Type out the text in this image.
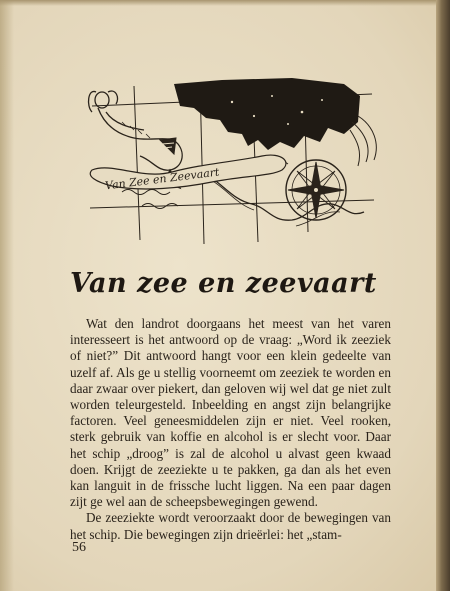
Van Zee en Zeevaart
Van zee en zeevaart

Wat den landrot doorgaans het meest van het varen interesseert is het antwoord op de vraag: „Word ik zeeziek of niet?” Dit antwoord hangt voor een klein gedeelte van uzelf af. Als ge u stellig voorneemt om zeeziek te worden en daar zwaar over piekert, dan geloven wij wel dat ge niet zult worden teleurgesteld. Inbeelding en angst zijn belangrijke factoren. Veel geneesmiddelen zijn er niet. Veel rooken, sterk gebruik van koffie en alcohol is er slecht voor. Daar het schip „droog” is zal de alcohol u alvast geen kwaad doen. Krijgt de zeeziekte u te pakken, ga dan als het even kan languit in de frissche lucht liggen. Na een paar dagen zijt ge wel aan de scheepsbewegingen gewend.

De zeeziekte wordt veroorzaakt door de bewegingen van het schip. Die bewegingen zijn drieërlei: het „stam-

56
